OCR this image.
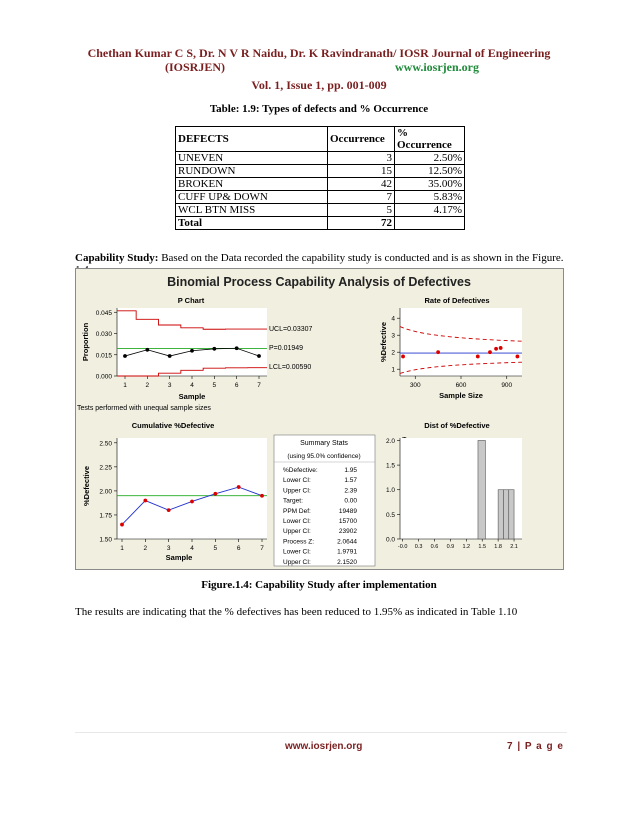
Chethan Kumar C S, Dr. N V R Naidu, Dr. K Ravindranath/ IOSR Journal of Engineering
(IOSRJEN)	www.iosrjen.org
Vol. 1, Issue 1, pp. 001-009
Table: 1.9: Types of defects and % Occurrence
DEFECTS	Occurrence	% Occurrence
UNEVEN	3	2.50%
RUNDOWN	15	12.50%
BROKEN	42	35.00%
CUFF UP& DOWN	7	5.83%
WCL BTN MISS	5	4.17%
Total	72	
Capability Study: Based on the Data recorded the capability study is conducted and is as shown in the Figure.
Binomial Process Capability Analysis of Defectives
P Chart
0.000
0.015
0.030
0.045
1	2	3	4	5	6	7
Proportion
Sample
UCL=0.03307
P=0.01949
LCL=0.00590
Rate of Defectives
1
2
3
4
300	600	900
%Defective
Sample Size
Tests performed with unequal sample sizes
Cumulative %Defective
1.50
1.75
2.00
2.25
2.50
1	2	3	4	5	6	7
%Defective
Sample
Summary Stats
(using 95.0% confidence)
%Defective:	1.95
Lower CI:	1.57
Upper CI:	2.39
Target:	0.00
PPM Def:	19489
Lower CI:	15700
Upper CI:	23902
Process Z:	2.0644
Lower CI:	1.9791
Upper CI:	2.1520
Dist of %Defective
0.0
0.5
1.0
1.5
2.0
-0.0 0.3 0.6 0.9 1.2 1.5 1.8 2.1
Figure.1.4: Capability Study after implementation
The results are indicating that the % defectives has been reduced to 1.95% as indicated in Table 1.10
www.iosrjen.org	7 | P a g e
